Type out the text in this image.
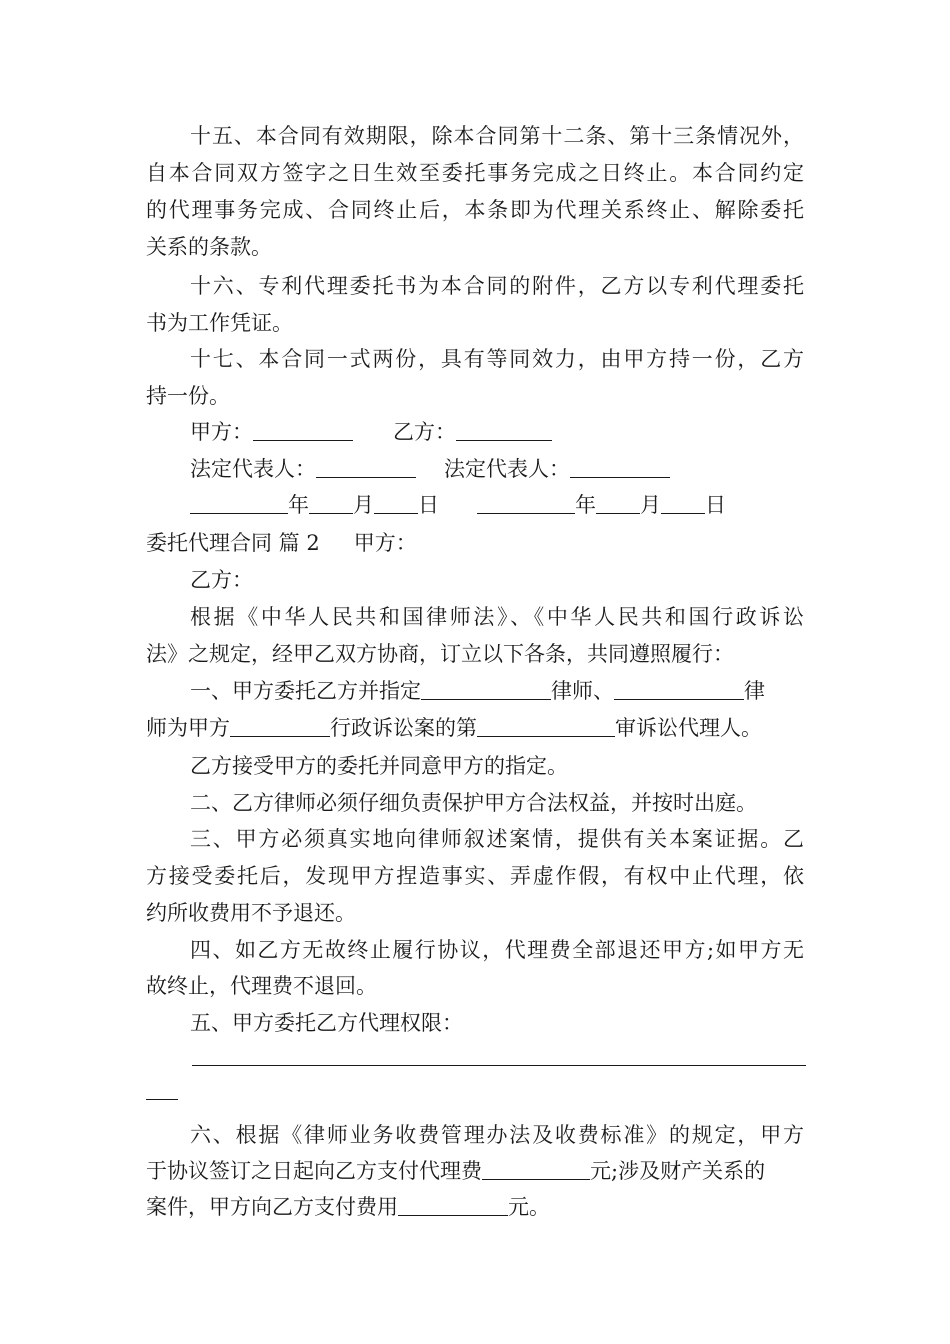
十五、本合同有效期限，除本合同第十二条、第十三条情况外，
自本合同双方签字之日生效至委托事务完成之日终止。本合同约定
的代理事务完成、合同终止后，本条即为代理关系终止、解除委托
关系的条款。
十六、专利代理委托书为本合同的附件，乙方以专利代理委托
书为工作凭证。
十七、本合同一式两份，具有等同效力，由甲方持一份，乙方
持一份。
甲方：	乙方：
法定代表人：	法定代表人：
年 月 日	年 月 日
委托代理合同 篇 2 甲方：
乙方：
根据《中华人民共和国律师法》、《中华人民共和国行政诉讼
法》之规定，经甲乙双方协商，订立以下各条，共同遵照履行：
一、甲方委托乙方并指定	律师、	律
师为甲方	行政诉讼案的第	审诉讼代理人。
乙方接受甲方的委托并同意甲方的指定。
二、乙方律师必须仔细负责保护甲方合法权益，并按时出庭。
三、甲方必须真实地向律师叙述案情，提供有关本案证据。乙
方接受委托后，发现甲方捏造事实、弄虚作假，有权中止代理，依
约所收费用不予退还。
四、如乙方无故终止履行协议，代理费全部退还甲方;如甲方无
故终止，代理费不退回。
五、甲方委托乙方代理权限：
六、根据《律师业务收费管理办法及收费标准》的规定，甲方
于协议签订之日起向乙方支付代理费	元;涉及财产关系的
案件，甲方向乙方支付费用	元。
